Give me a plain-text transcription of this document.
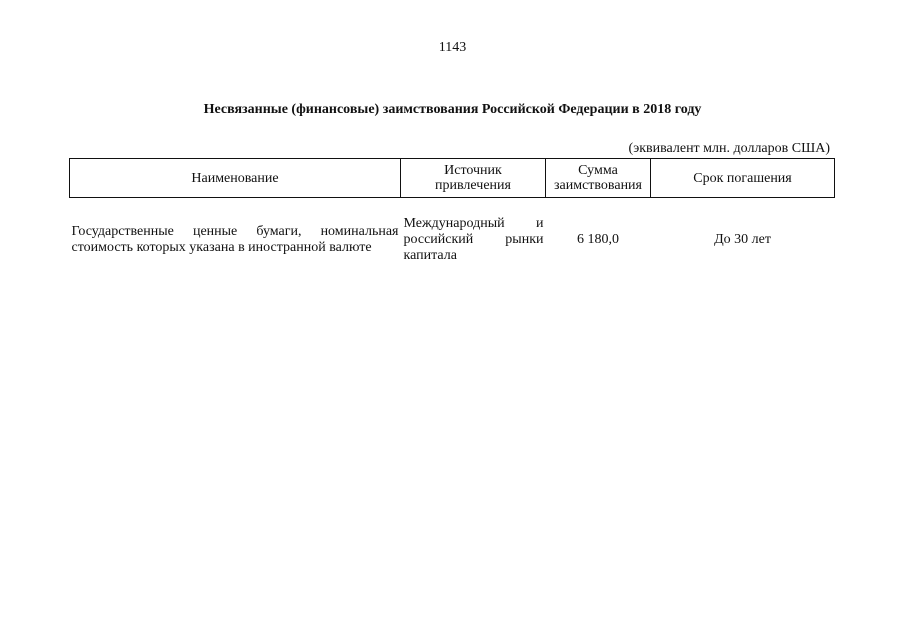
1143
Несвязанные (финансовые) заимствования Российской Федерации в 2018 году
(эквивалент млн. долларов США)
Наименование	Источник привлечения	Сумма заимствования	Срок погашения

Государственные ценные бумаги, номинальная стоимость которых указана в иностранной валюте	Международный и российский рынки капитала	6 180,0	До 30 лет
